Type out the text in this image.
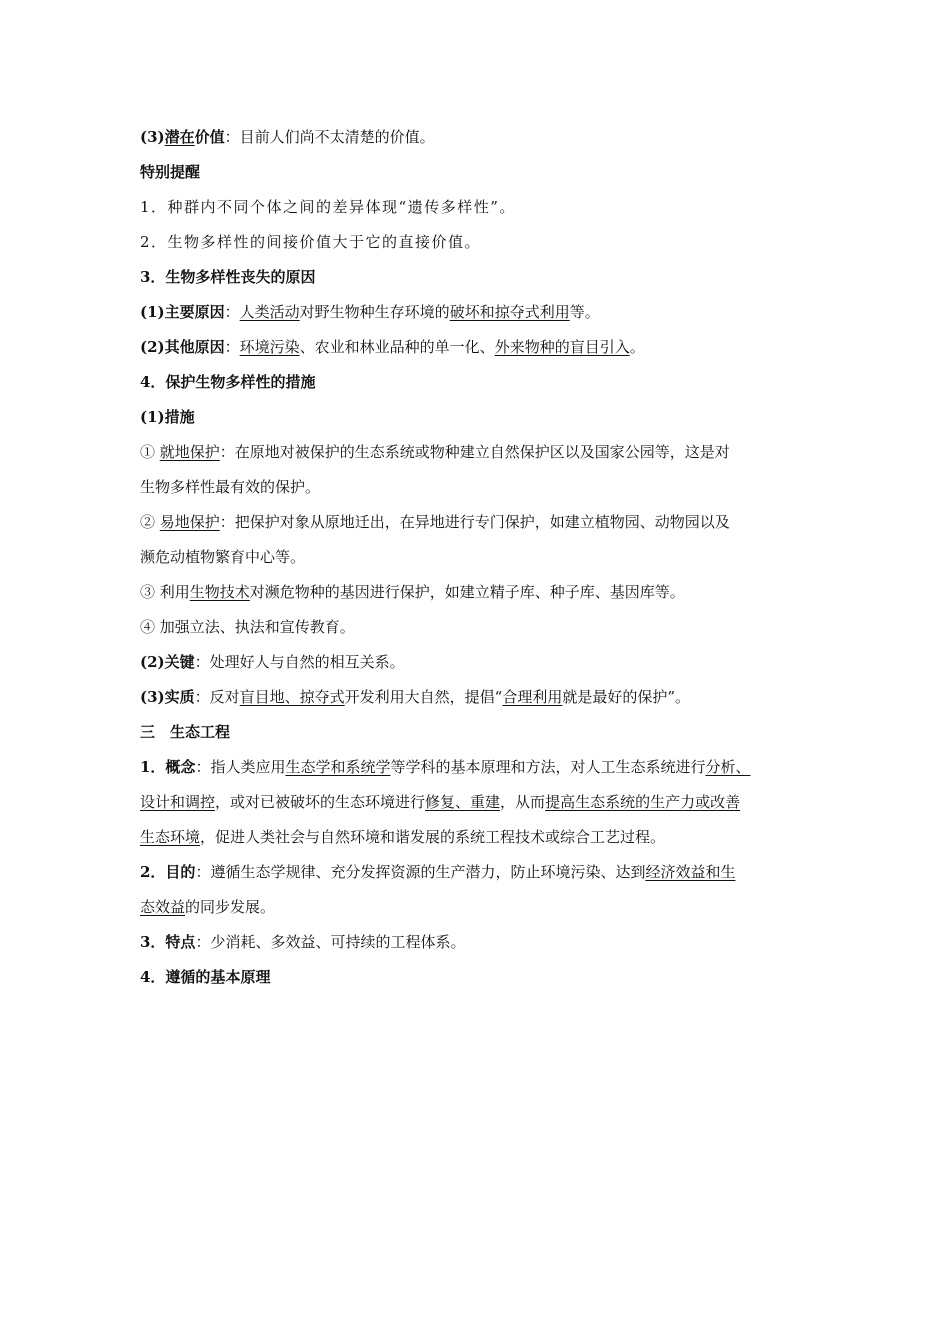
(3)潜在价值：目前人们尚不太清楚的价值。
特别提醒
1．种群内不同个体之间的差异体现“遗传多样性”。
2．生物多样性的间接价值大于它的直接价值。
3．生物多样性丧失的原因
(1)主要原因：人类活动对野生物种生存环境的破坏和掠夺式利用等。
(2)其他原因：环境污染、农业和林业品种的单一化、外来物种的盲目引入。
4．保护生物多样性的措施
(1)措施
① 就地保护：在原地对被保护的生态系统或物种建立自然保护区以及国家公园等，这是对
生物多样性最有效的保护。
② 易地保护：把保护对象从原地迁出，在异地进行专门保护，如建立植物园、动物园以及
濒危动植物繁育中心等。
③ 利用生物技术对濒危物种的基因进行保护，如建立精子库、种子库、基因库等。
④ 加强立法、执法和宣传教育。
(2)关键：处理好人与自然的相互关系。
(3)实质：反对盲目地、掠夺式开发利用大自然，提倡“合理利用就是最好的保护”。
三　生态工程
1．概念：指人类应用生态学和系统学等学科的基本原理和方法，对人工生态系统进行分析、
设计和调控，或对已被破坏的生态环境进行修复、重建，从而提高生态系统的生产力或改善
生态环境，促进人类社会与自然环境和谐发展的系统工程技术或综合工艺过程。
2．目的：遵循生态学规律、充分发挥资源的生产潜力，防止环境污染、达到经济效益和生
态效益的同步发展。
3．特点：少消耗、多效益、可持续的工程体系。
4．遵循的基本原理
